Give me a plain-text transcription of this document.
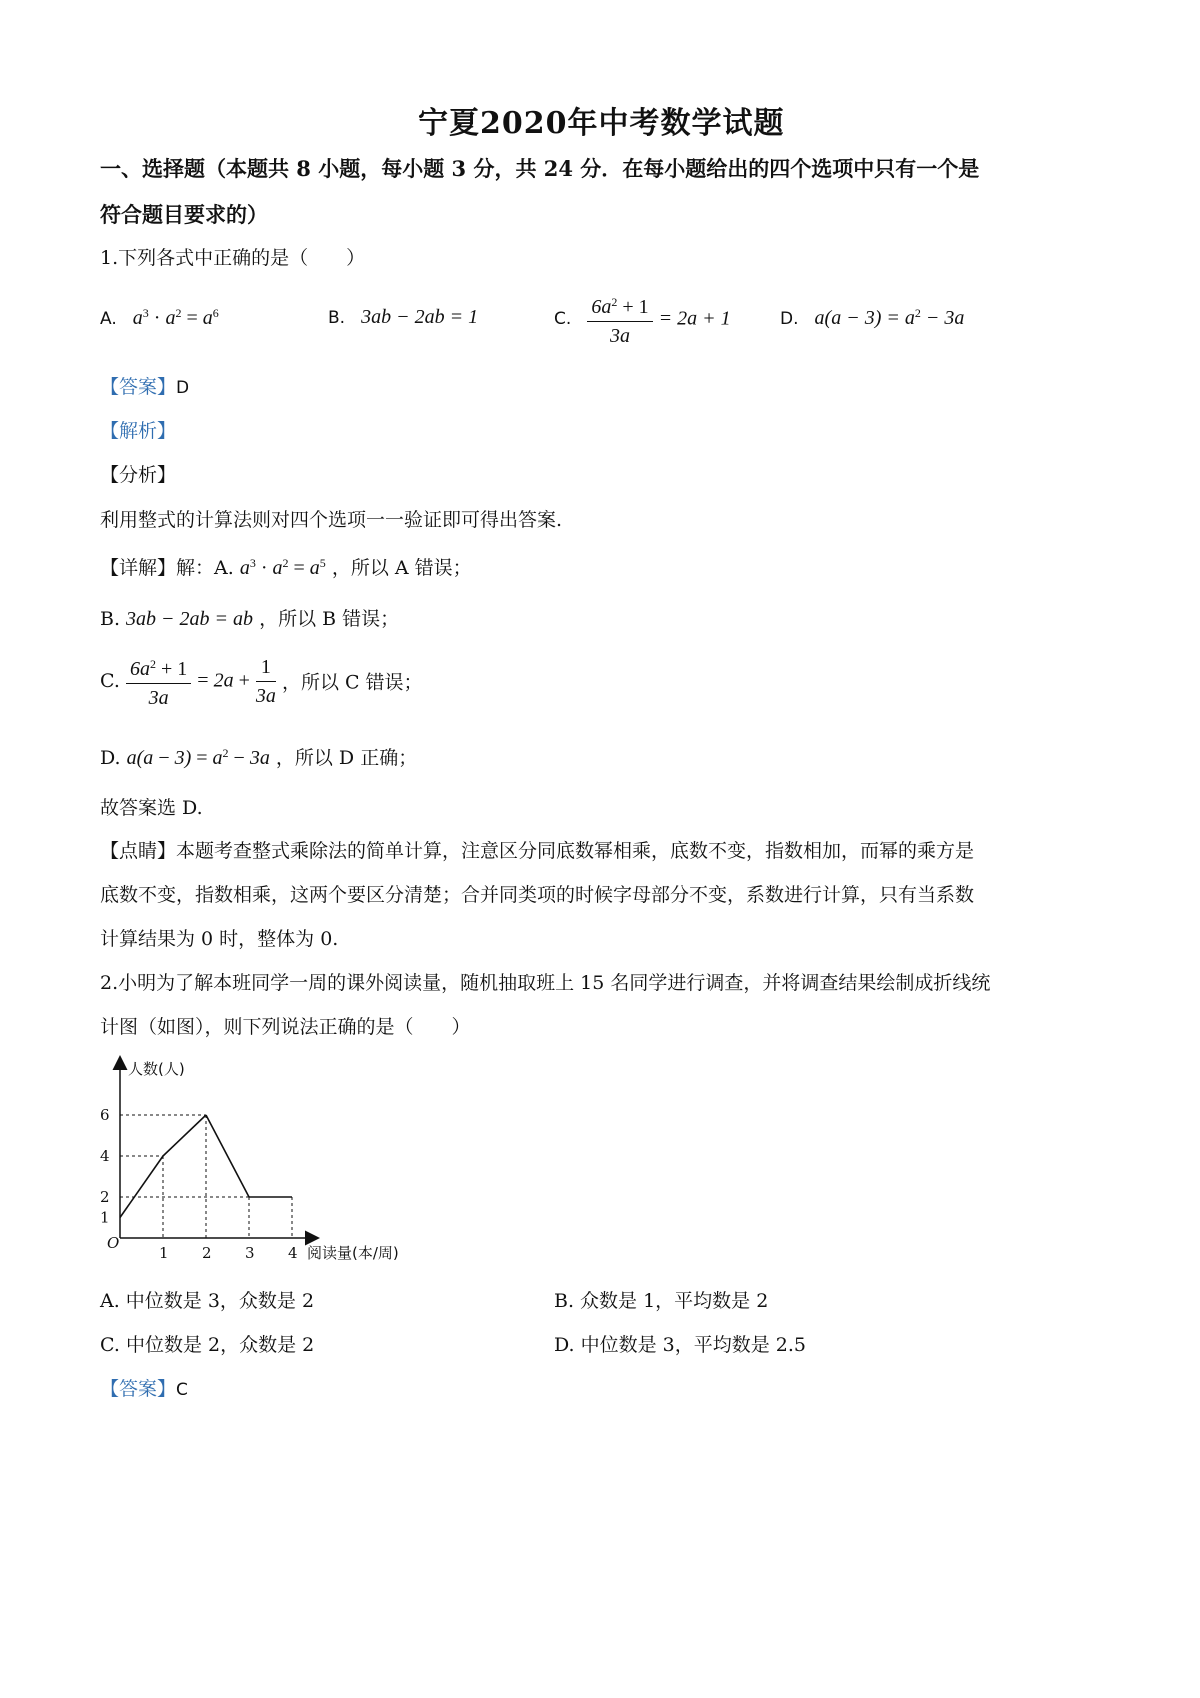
宁夏2020年中考数学试题
一、选择题（本题共 8 小题，每小题 3 分，共 24 分．在每小题给出的四个选项中只有一个是
符合题目要求的）
1.下列各式中正确的是（　　）
A. $a^3 \cdot a^2 = a^6$	B. 3ab − 2ab = 1	C. $\frac{6a^2 + 1}{3a} = 2a + 1$	D. $a(a - 3) = a^2 - 3a$
【答案】D
【解析】
【分析】
利用整式的计算法则对四个选项一一验证即可得出答案.
【详解】解：A. $a^3 \cdot a^2 = a^5$ ，所以 A 错误；
B. 3ab − 2ab = ab ，所以 B 错误；
C. $\frac{6a^2 + 1}{3a} = 2a + \frac{1}{3a}$ ，所以 C 错误；
D. $a(a - 3) = a^2 - 3a$ ，所以 D 正确；
故答案选 D.
【点睛】本题考查整式乘除法的简单计算，注意区分同底数幂相乘，底数不变，指数相加，而幂的乘方是
底数不变，指数相乘，这两个要区分清楚；合并同类项的时候字母部分不变，系数进行计算，只有当系数
计算结果为 0 时，整体为 0.
2.小明为了解本班同学一周的课外阅读量，随机抽取班上 15 名同学进行调查，并将调查结果绘制成折线统
计图（如图），则下列说法正确的是（　　）
1 2 3 4
1
2
4
6
O
人数(人)
阅读量(本/周)
A. 中位数是 3，众数是 2	B. 众数是 1，平均数是 2
C. 中位数是 2，众数是 2	D. 中位数是 3，平均数是 2.5
【答案】C
